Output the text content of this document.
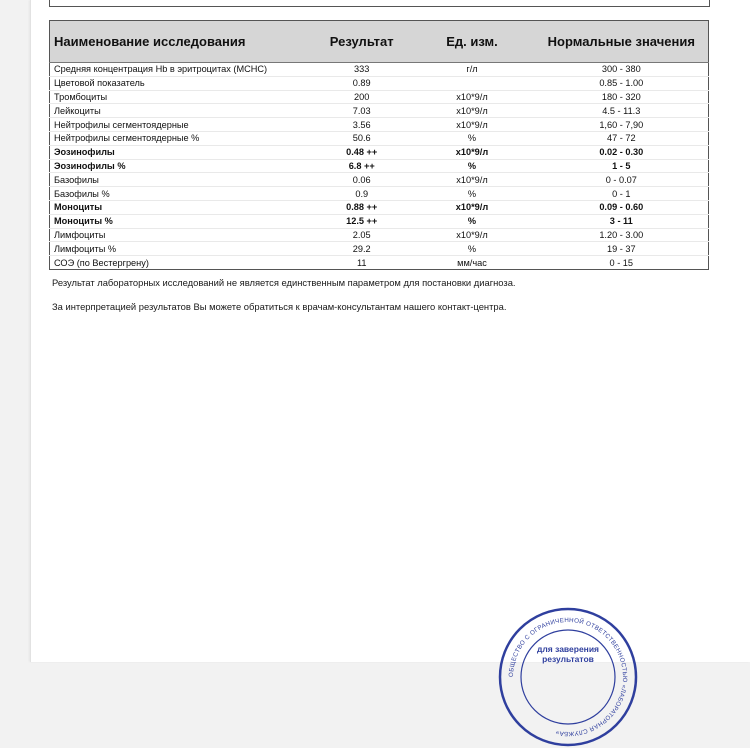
Наименование исследования	Результат	Ед. изм.	Нормальные значения
Средняя концентрация Hb в эритроцитах (MCHC)	333	г/л	300 - 380
Цветовой показатель	0.89		0.85 - 1.00
Тромбоциты	200	x10*9/л	180 - 320
Лейкоциты	7.03	x10*9/л	4.5 - 11.3
Нейтрофилы сегментоядерные	3.56	x10*9/л	1,60 - 7,90
Нейтрофилы сегментоядерные %	50.6	%	47 - 72
Эозинофилы	0.48 ++	x10*9/л	0.02 - 0.30
Эозинофилы %	6.8 ++	%	1 - 5
Базофилы	0.06	x10*9/л	0 - 0.07
Базофилы %	0.9	%	0 - 1
Моноциты	0.88 ++	x10*9/л	0.09 - 0.60
Моноциты %	12.5 ++	%	3 - 11
Лимфоциты	2.05	x10*9/л	1.20 - 3.00
Лимфоциты %	29.2	%	19 - 37
СОЭ (по Вестергрену)	11	мм/час	0 - 15
Результат лабораторных исследований не является единственным параметром для постановки диагноза.
За интерпретацией результатов Вы можете обратиться к врачам-консультантам нашего контакт-центра.
ОБЩЕСТВО С ОГРАНИЧЕННОЙ ОТВЕТСТВЕННОСТЬЮ «ЛАБОРАТОРНАЯ СЛУЖБА»
для заверения
результатов
